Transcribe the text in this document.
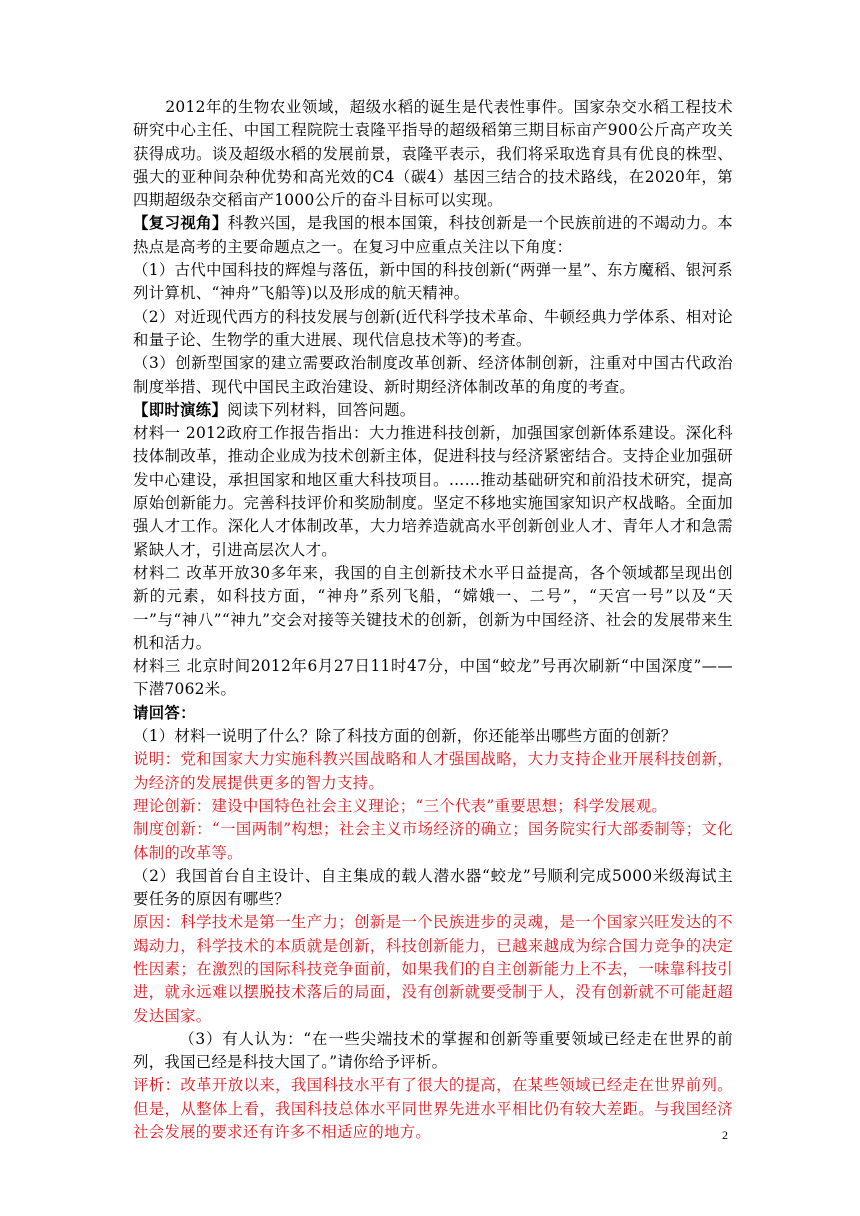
2012年的生物农业领域，超级水稻的诞生是代表性事件。国家杂交水稻工程技术研究中心主任、中国工程院院士袁隆平指导的超级稻第三期目标亩产900公斤高产攻关获得成功。谈及超级水稻的发展前景，袁隆平表示，我们将采取选育具有优良的株型、强大的亚种间杂种优势和高光效的C4（碳4）基因三结合的技术路线，在2020年，第四期超级杂交稻亩产1000公斤的奋斗目标可以实现。

【复习视角】科教兴国，是我国的根本国策，科技创新是一个民族前进的不竭动力。本热点是高考的主要命题点之一。在复习中应重点关注以下角度：

（1）古代中国科技的辉煌与落伍，新中国的科技创新(“两弹一星”、东方魔稻、银河系列计算机、“神舟”飞船等)以及形成的航天精神。

（2）对近现代西方的科技发展与创新(近代科学技术革命、牛顿经典力学体系、相对论和量子论、生物学的重大进展、现代信息技术等)的考查。

（3）创新型国家的建立需要政治制度改革创新、经济体制创新，注重对中国古代政治制度举措、现代中国民主政治建设、新时期经济体制改革的角度的考查。

【即时演练】阅读下列材料，回答问题。

材料一 2012政府工作报告指出：大力推进科技创新，加强国家创新体系建设。深化科技体制改革，推动企业成为技术创新主体，促进科技与经济紧密结合。支持企业加强研发中心建设，承担国家和地区重大科技项目。……推动基础研究和前沿技术研究，提高原始创新能力。完善科技评价和奖励制度。坚定不移地实施国家知识产权战略。全面加强人才工作。深化人才体制改革，大力培养造就高水平创新创业人才、青年人才和急需紧缺人才，引进高层次人才。

材料二 改革开放30多年来，我国的自主创新技术水平日益提高，各个领域都呈现出创新的元素，如科技方面，“神舟”系列飞船，“嫦娥一、二号”，“天宫一号”以及“天一”与“神八”“神九”交会对接等关键技术的创新，创新为中国经济、社会的发展带来生机和活力。

材料三 北京时间2012年6月27日11时47分，中国“蛟龙”号再次刷新“中国深度”——下潜7062米。

请回答：

（1）材料一说明了什么？除了科技方面的创新，你还能举出哪些方面的创新？

说明：党和国家大力实施科教兴国战略和人才强国战略，大力支持企业开展科技创新，为经济的发展提供更多的智力支持。

理论创新：建设中国特色社会主义理论；“三个代表”重要思想；科学发展观。

制度创新：“一国两制”构想；社会主义市场经济的确立；国务院实行大部委制等；文化体制的改革等。

（2）我国首台自主设计、自主集成的载人潜水器“蛟龙”号顺利完成5000米级海试主要任务的原因有哪些？

原因：科学技术是第一生产力；创新是一个民族进步的灵魂，是一个国家兴旺发达的不竭动力，科学技术的本质就是创新，科技创新能力，已越来越成为综合国力竞争的决定性因素；在激烈的国际科技竞争面前，如果我们的自主创新能力上不去，一味靠科技引进，就永远难以摆脱技术落后的局面，没有创新就要受制于人，没有创新就不可能赶超发达国家。

（3）有人认为：“在一些尖端技术的掌握和创新等重要领域已经走在世界的前列，我国已经是科技大国了。”请你给予评析。

评析：改革开放以来，我国科技水平有了很大的提高，在某些领域已经走在世界前列。但是，从整体上看，我国科技总体水平同世界先进水平相比仍有较大差距。与我国经济社会发展的要求还有许多不相适应的地方。	2
